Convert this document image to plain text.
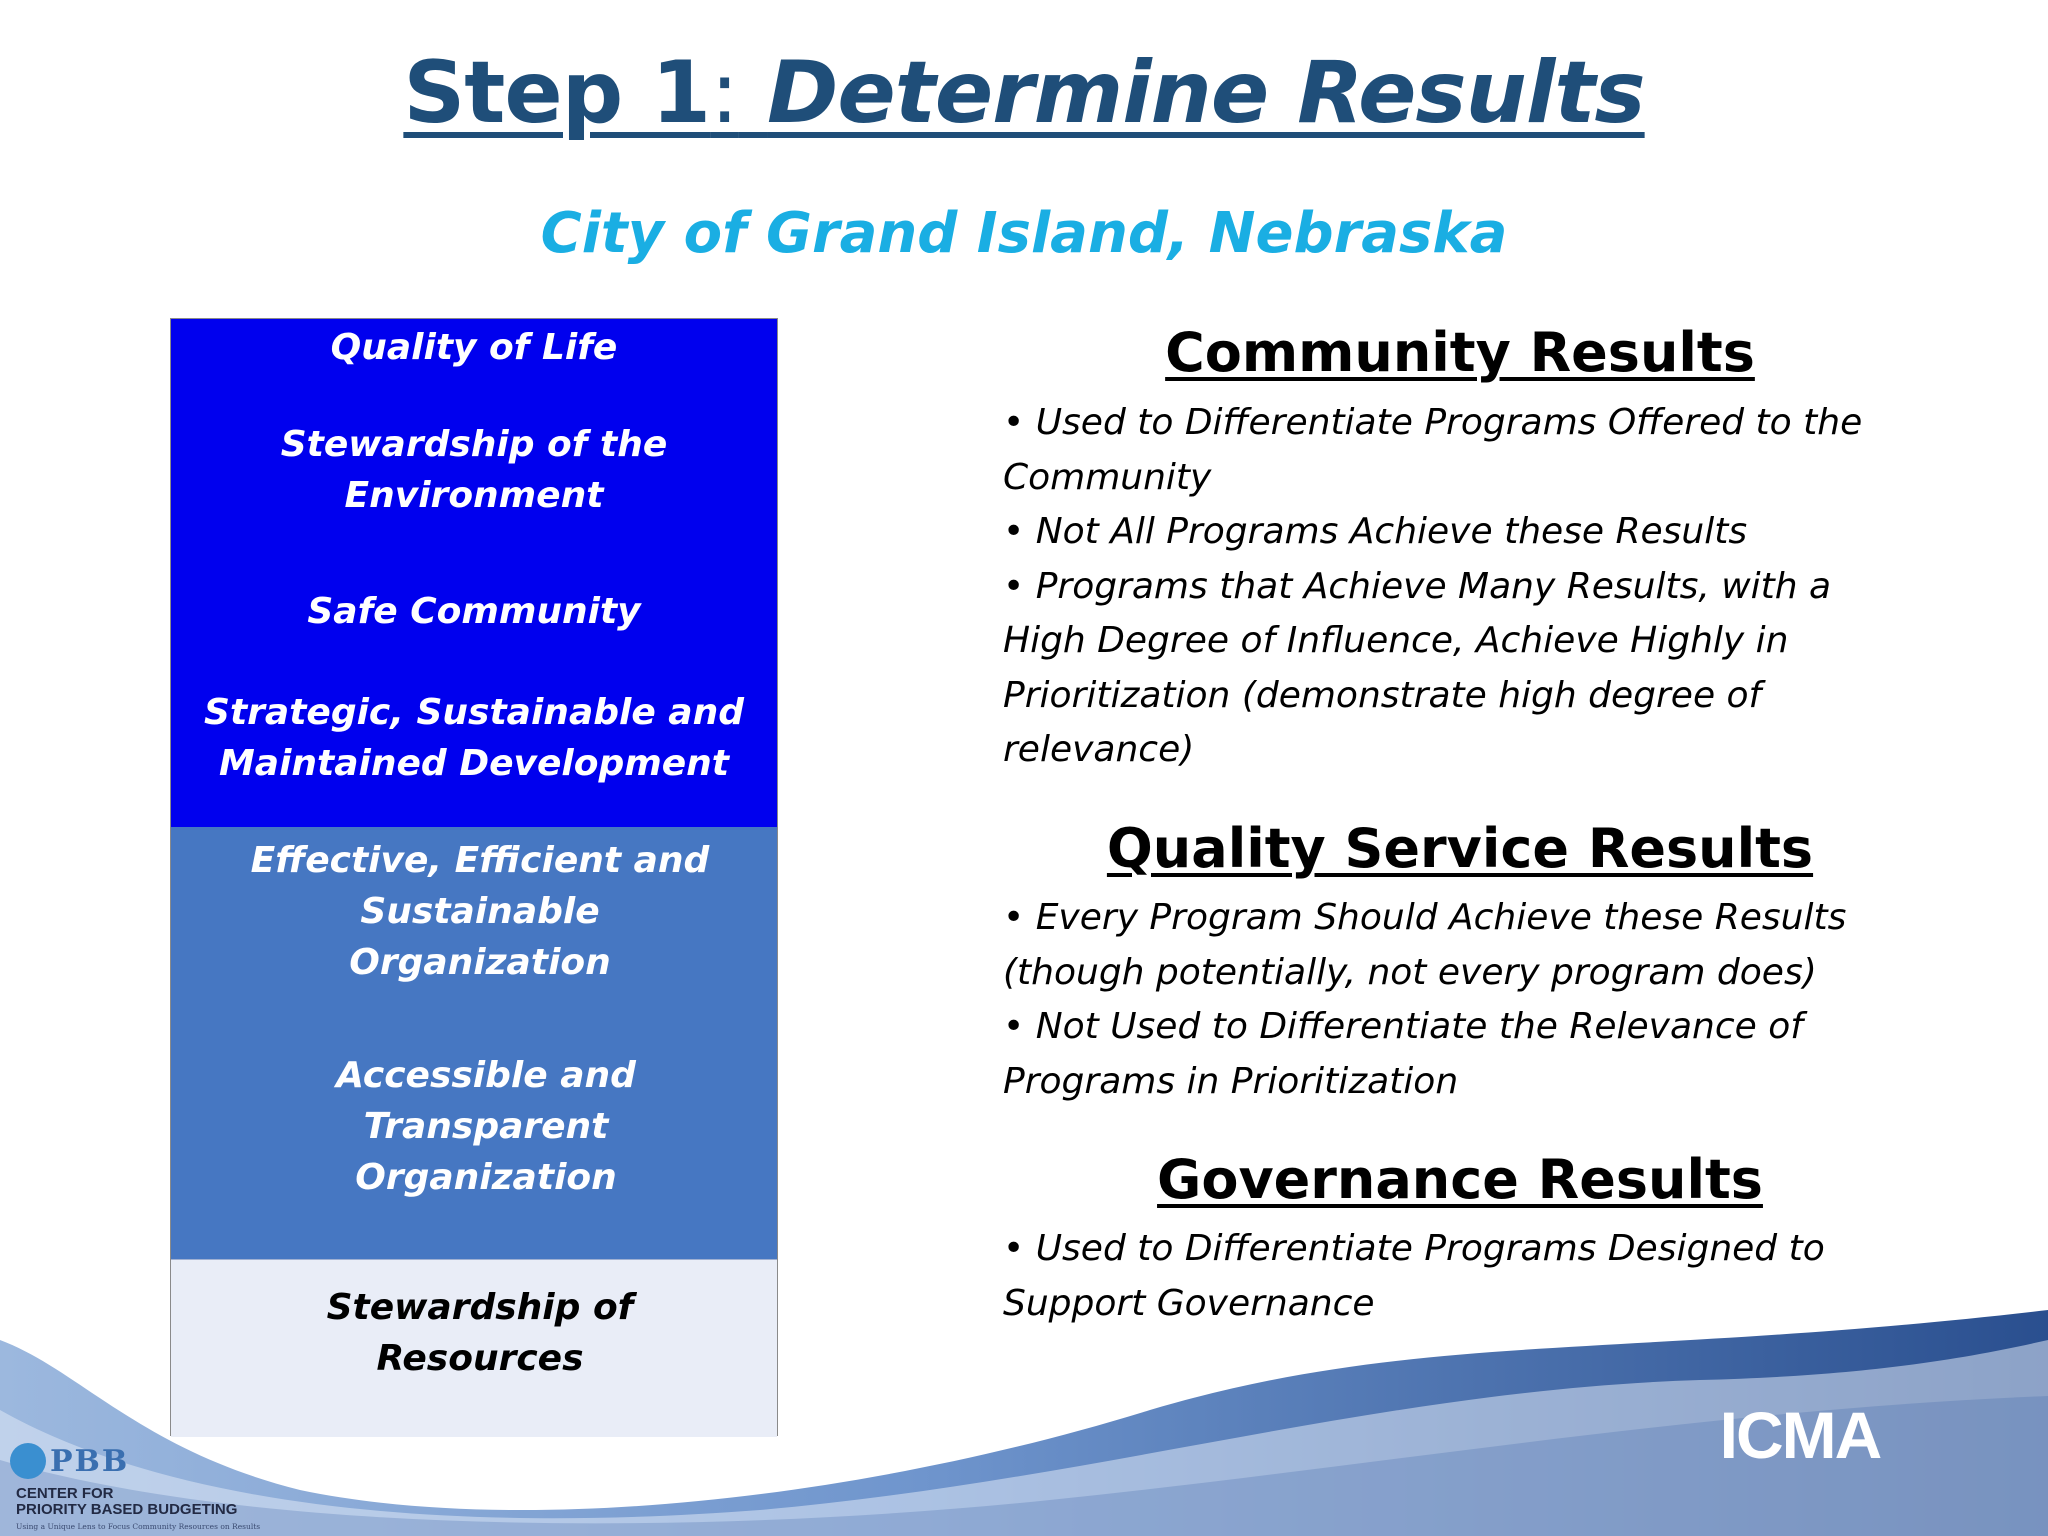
Step 1: Determine Results
City of Grand Island, Nebraska
Quality of Life
Stewardship of the
Environment
Safe Community
Strategic, Sustainable and
Maintained Development
Effective, Efficient and
Sustainable
Organization
Accessible and
Transparent
Organization
Stewardship of
Resources
Community Results
• Used to Differentiate Programs Offered to the Community
• Not All Programs Achieve these Results
• Programs that Achieve Many Results, with a High Degree of Influence, Achieve Highly in Prioritization (demonstrate high degree of relevance)
Quality Service Results
• Every Program Should Achieve these Results (though potentially, not every program does)
• Not Used to Differentiate the Relevance of Programs in Prioritization
Governance Results
• Used to Differentiate Programs Designed to Support Governance
PBB
CENTER FOR
PRIORITY BASED BUDGETING
Using a Unique Lens to Focus Community Resources on Results
ICMA
